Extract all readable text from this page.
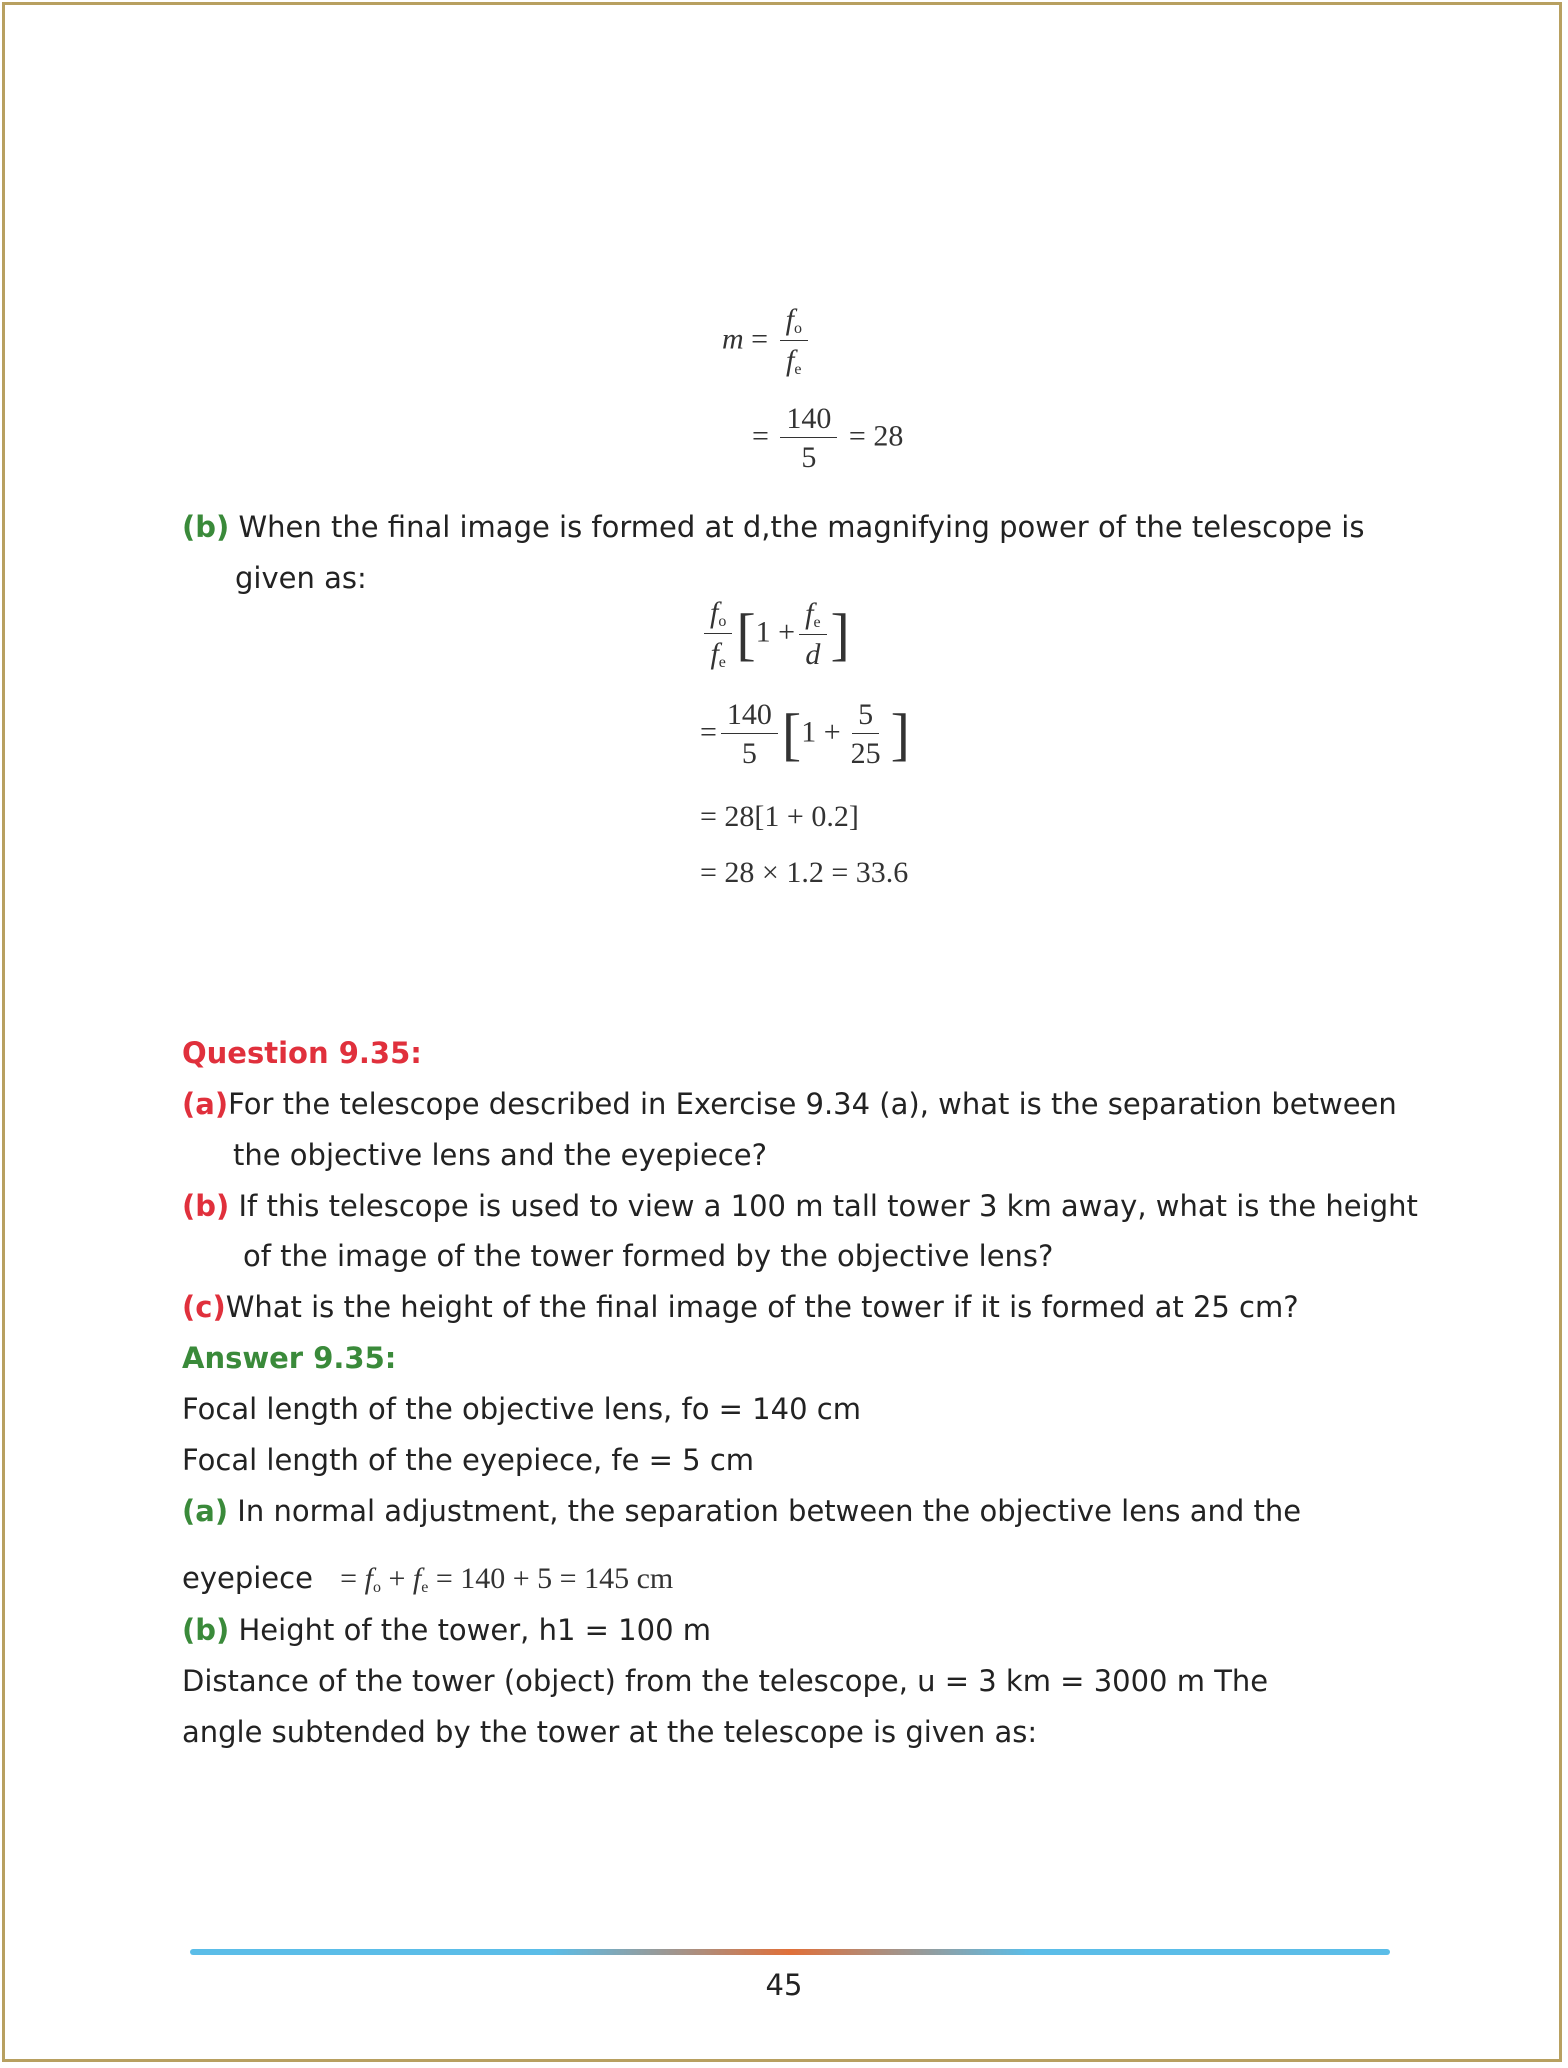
$m = \frac{f_o}{f_e}$
= $\frac{140}{5} = 28$
(b) When the final image is formed at d,the magnifying power of the telescope is
given as:
$\frac{f_o}{f_e} [1 + \frac{f_e}{d}$ ]
= $\frac{140}{5} [1 + \frac{5}{25}$ ]
= 28[1 + 0.2]
= 28 × 1.2 = 33.6
Question 9.35:
(a)For the telescope described in Exercise 9.34 (a), what is the separation between
the objective lens and the eyepiece?
(b) If this telescope is used to view a 100 m tall tower 3 km away, what is the height
of the image of the tower formed by the objective lens?
(c)What is the height of the final image of the tower if it is formed at 25 cm?
Answer 9.35:
Focal length of the objective lens, fo = 140 cm
Focal length of the eyepiece, fe = 5 cm
(a) In normal adjustment, the separation between the objective lens and the
eyepiece = $f_o + f_e = 140 + 5 = 145$ cm
(b) Height of the tower, h1 = 100 m
Distance of the tower (object) from the telescope, u = 3 km = 3000 m The
angle subtended by the tower at the telescope is given as:
45
